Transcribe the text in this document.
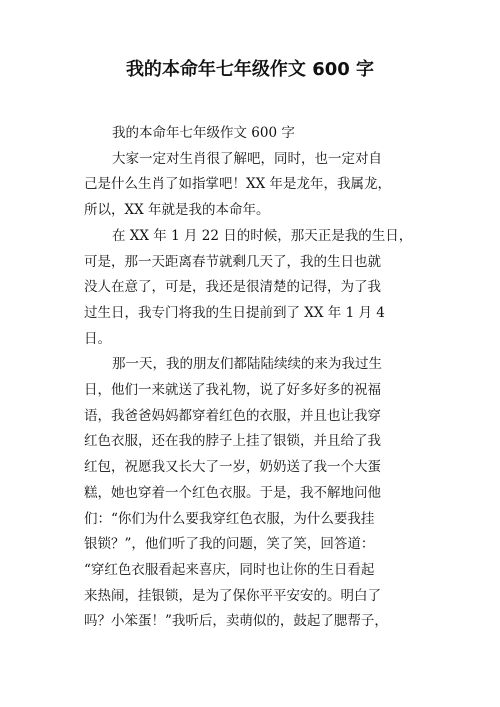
我的本命年七年级作文 600 字
我的本命年七年级作文 600 字
大家一定对生肖很了解吧，同时，也一定对自
己是什么生肖了如指掌吧！XX 年是龙年，我属龙，
所以，XX 年就是我的本命年。
在 XX 年 1 月 22 日的时候，那天正是我的生日，
可是，那一天距离春节就剩几天了，我的生日也就
没人在意了，可是，我还是很清楚的记得，为了我
过生日，我专门将我的生日提前到了 XX 年 1 月 4
日。
那一天，我的朋友们都陆陆续续的来为我过生
日，他们一来就送了我礼物，说了好多好多的祝福
语，我爸爸妈妈都穿着红色的衣服，并且也让我穿
红色衣服，还在我的脖子上挂了银锁，并且给了我
红包，祝愿我又长大了一岁，奶奶送了我一个大蛋
糕，她也穿着一个红色衣服。于是，我不解地问他
们：“你们为什么要我穿红色衣服，为什么要我挂
银锁？”，他们听了我的问题，笑了笑，回答道：
“穿红色衣服看起来喜庆，同时也让你的生日看起
来热闹，挂银锁，是为了保你平平安安的。明白了
吗？小笨蛋！”我听后，卖萌似的，鼓起了腮帮子，
